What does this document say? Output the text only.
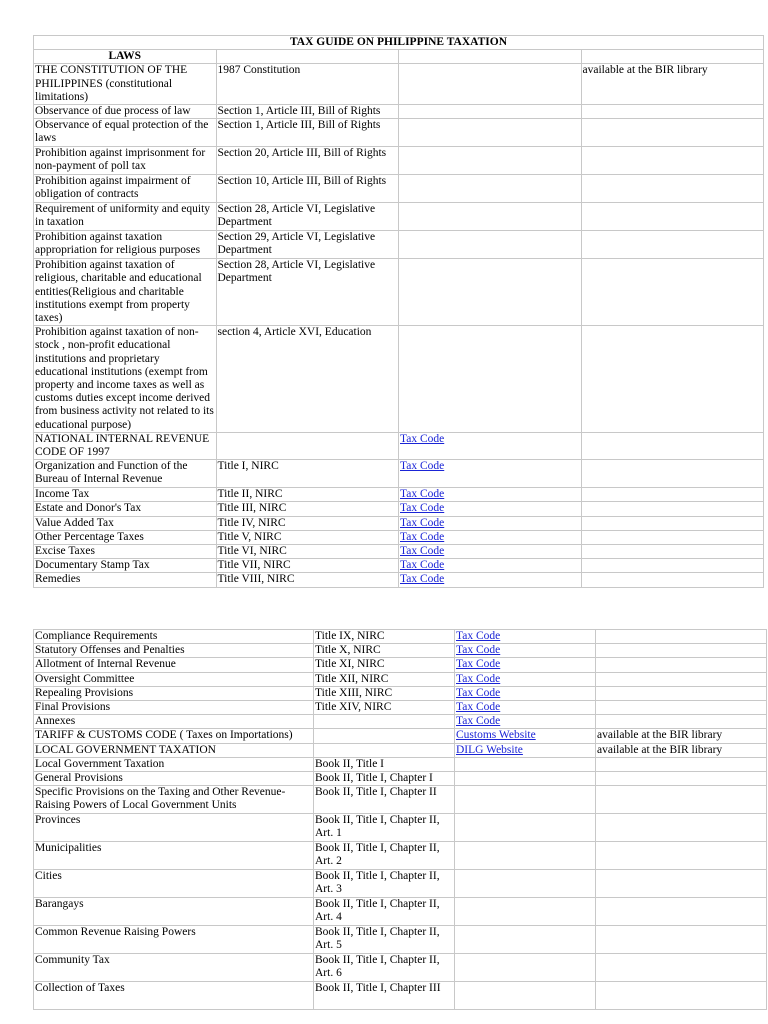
TAX GUIDE ON PHILIPPINE TAXATION			
LAWS			
THE CONSTITUTION OF THE PHILIPPINES (constitutional limitations)	1987 Constitution		available at the BIR library
Observance of due process of law	Section 1, Article III, Bill of Rights		
Observance of equal protection of the laws	Section 1, Article III, Bill of Rights		
Prohibition against imprisonment for non-payment of poll tax	Section 20, Article III, Bill of Rights		
Prohibition against impairment of obligation of contracts	Section 10, Article III, Bill of Rights		
Requirement of uniformity and equity in taxation	Section 28, Article VI, Legislative Department		
Prohibition against taxation appropriation for religious purposes	Section 29, Article VI, Legislative Department		
Prohibition against taxation of religious, charitable and educational entities(Religious and charitable institutions exempt from property taxes)	Section 28, Article VI, Legislative Department		
Prohibition against taxation of non-stock , non-profit educational institutions and proprietary educational institutions (exempt from property and income taxes as well as customs duties except income derived from business activity not related to its educational purpose)	section 4, Article XVI, Education		
NATIONAL INTERNAL REVENUE CODE OF 1997		Tax Code	
Organization and Function of the Bureau of Internal Revenue	Title I, NIRC	Tax Code	
Income Tax	Title II, NIRC	Tax Code	
Estate and Donor's Tax	Title III, NIRC	Tax Code	
Value Added Tax	Title IV, NIRC	Tax Code	
Other Percentage Taxes	Title V, NIRC	Tax Code	
Excise Taxes	Title VI, NIRC	Tax Code	
Documentary Stamp Tax	Title VII, NIRC	Tax Code	
Remedies	Title VIII, NIRC	Tax Code	
Compliance Requirements	Title IX, NIRC	Tax Code	
Statutory Offenses and Penalties	Title X, NIRC	Tax Code	
Allotment of Internal Revenue	Title XI, NIRC	Tax Code	
Oversight Committee	Title XII, NIRC	Tax Code	
Repealing Provisions	Title XIII, NIRC	Tax Code	
Final Provisions	Title XIV, NIRC	Tax Code	
Annexes		Tax Code	
TARIFF & CUSTOMS CODE ( Taxes on Importations)		Customs Website	available at the BIR library
LOCAL GOVERNMENT TAXATION		DILG Website	available at the BIR library
Local Government Taxation	Book II, Title I		
General Provisions	Book II, Title I, Chapter I		
Specific Provisions on the Taxing and Other Revenue-Raising Powers of Local Government Units	Book II, Title I, Chapter II		
Provinces	Book II, Title I, Chapter II, Art. 1		
Municipalities	Book II, Title I, Chapter II, Art. 2		
Cities	Book II, Title I, Chapter II, Art. 3		
Barangays	Book II, Title I, Chapter II, Art. 4		
Common Revenue Raising Powers	Book II, Title I, Chapter II, Art. 5		
Community Tax	Book II, Title I, Chapter II, Art. 6		
Collection of Taxes	Book II, Title I, Chapter III		
